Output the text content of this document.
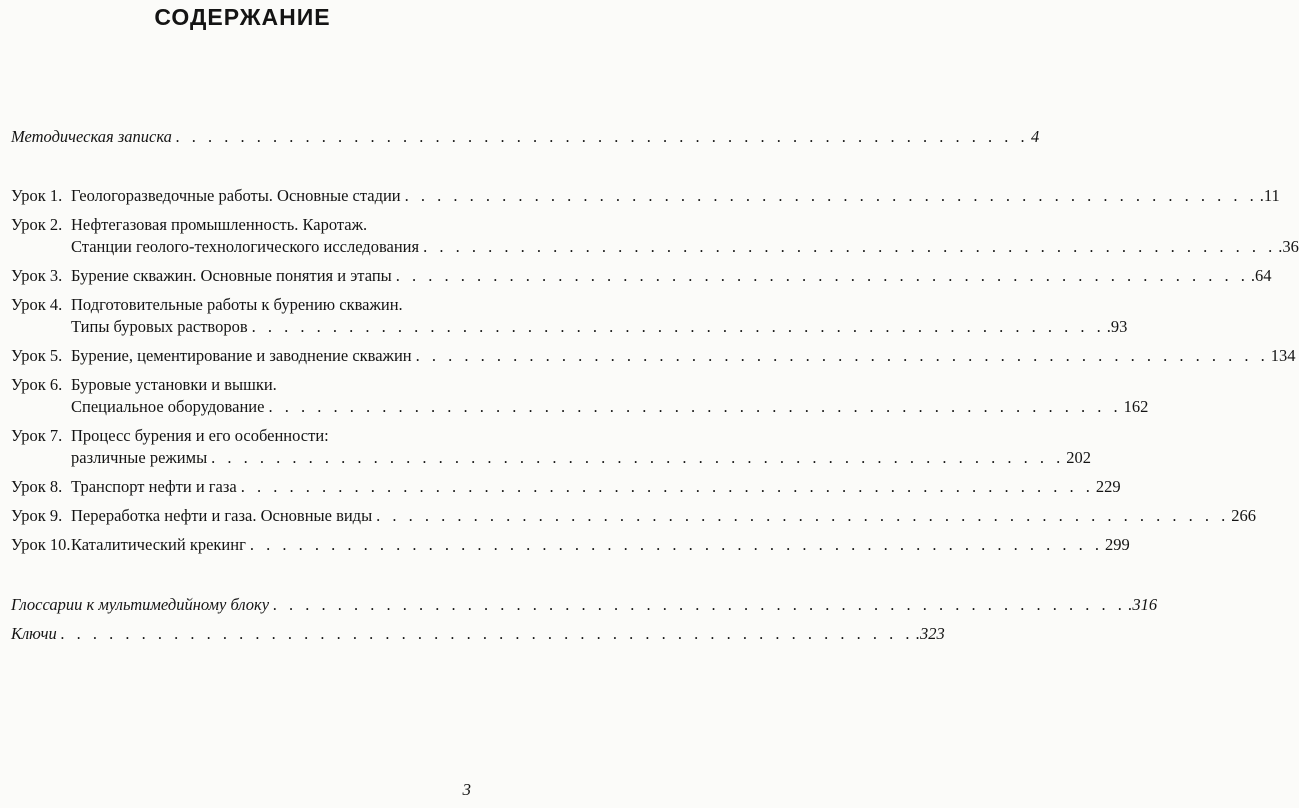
СОДЕРЖАНИЕ
Методическая записка . . . . . . . . . . . . . . . . . . . . . . . . . . . . . . . . . . . . . . . . . . . . . . . . . . . . . 4
Урок 1. Геологоразведочные работы. Основные стадии . . . . . . . . . . . . . . . . . . . . . . . . . . . . . . . . . . . . . . . . . . . . . . . . . . . . . .11
Урок 2. Нефтегазовая промышленность. Каротаж.
Станции геолого-технологического исследования . . . . . . . . . . . . . . . . . . . . . . . . . . . . . . . . . . . . . . . . . . . . . . . . . . . . . .36
Урок 3. Бурение скважин. Основные понятия и этапы . . . . . . . . . . . . . . . . . . . . . . . . . . . . . . . . . . . . . . . . . . . . . . . . . . . . . .64
Урок 4. Подготовительные работы к бурению скважин.
Типы буровых растворов . . . . . . . . . . . . . . . . . . . . . . . . . . . . . . . . . . . . . . . . . . . . . . . . . . . . . .93
Урок 5. Бурение, цементирование и заводнение скважин . . . . . . . . . . . . . . . . . . . . . . . . . . . . . . . . . . . . . . . . . . . . . . . . . . . . . 134
Урок 6. Буровые установки и вышки.
Специальное оборудование . . . . . . . . . . . . . . . . . . . . . . . . . . . . . . . . . . . . . . . . . . . . . . . . . . . . . 162
Урок 7. Процесс бурения и его особенности:
различные режимы . . . . . . . . . . . . . . . . . . . . . . . . . . . . . . . . . . . . . . . . . . . . . . . . . . . . . 202
Урок 8. Транспорт нефти и газа . . . . . . . . . . . . . . . . . . . . . . . . . . . . . . . . . . . . . . . . . . . . . . . . . . . . . 229
Урок 9. Переработка нефти и газа. Основные виды . . . . . . . . . . . . . . . . . . . . . . . . . . . . . . . . . . . . . . . . . . . . . . . . . . . . . 266
Урок 10. Каталитический крекинг . . . . . . . . . . . . . . . . . . . . . . . . . . . . . . . . . . . . . . . . . . . . . . . . . . . . . 299
Глоссарии к мультимедийному блоку . . . . . . . . . . . . . . . . . . . . . . . . . . . . . . . . . . . . . . . . . . . . . . . . . . . . . .316
Ключи . . . . . . . . . . . . . . . . . . . . . . . . . . . . . . . . . . . . . . . . . . . . . . . . . . . . . .323
3
